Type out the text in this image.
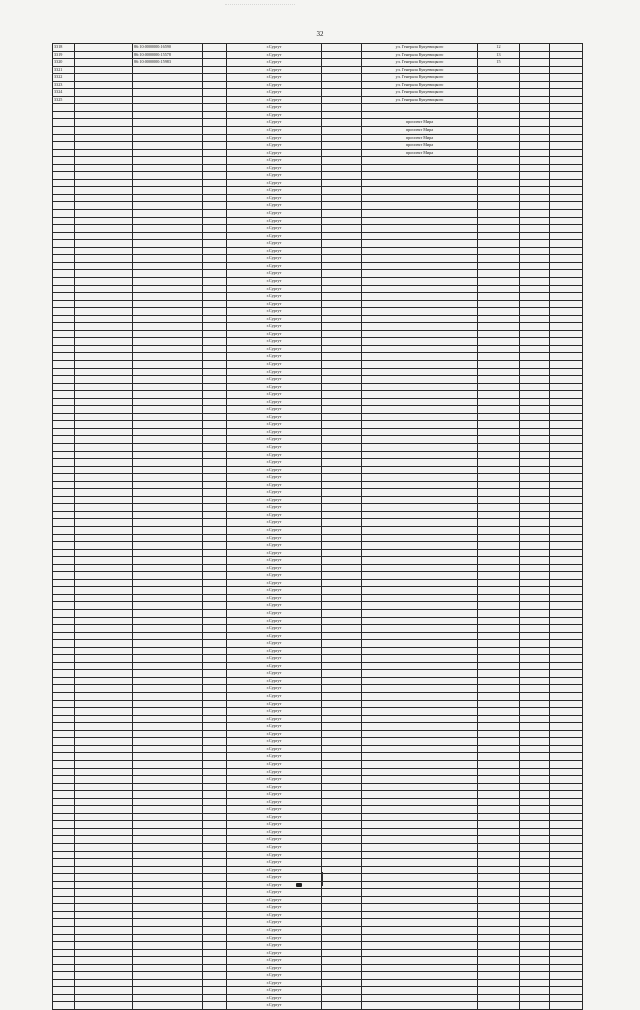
32
3318		86:10:0000000:16590		г.Сургут		ул. Генерала Кукуевицкого	12		
3319		86:10:0000000:15578		г.Сургут		ул. Генерала Кукуевицкого	13		
3320		86:10:0000000:15983		г.Сургут		ул. Генерала Кукуевицкого	15		
3321				г.Сургут		ул. Генерала Кукуевицкого			
3322				г.Сургут		ул. Генерала Кукуевицкого			
3323				г.Сургут		ул. Генерала Кукуевицкого			
3324				г.Сургут		ул. Генерала Кукуевицкого			
3325				г.Сургут		ул. Генерала Кукуевицкого			
				г.Сургут					
				г.Сургут					
				г.Сургут		проспект Мира			
				г.Сургут		проспект Мира			
				г.Сургут		проспект Мира			
				г.Сургут		проспект Мира			
				г.Сургут		проспект Мира			
				г.Сургут					
				г.Сургут					
				г.Сургут					
				г.Сургут					
				г.Сургут					
				г.Сургут					
				г.Сургут					
				г.Сургут					
				г.Сургут					
				г.Сургут					
				г.Сургут					
				г.Сургут					
				г.Сургут					
				г.Сургут					
				г.Сургут					
				г.Сургут					
				г.Сургут					
				г.Сургут					
				г.Сургут					
				г.Сургут					
				г.Сургут					
				г.Сургут					
				г.Сургут					
				г.Сургут					
				г.Сургут					
				г.Сургут					
				г.Сургут					
				г.Сургут					
				г.Сургут					
				г.Сургут					
				г.Сургут					
				г.Сургут					
				г.Сургут					
				г.Сургут					
				г.Сургут					
				г.Сургут					
				г.Сургут					
				г.Сургут					
				г.Сургут					
				г.Сургут					
				г.Сургут					
				г.Сургут					
				г.Сургут					
				г.Сургут					
				г.Сургут					
				г.Сургут					
				г.Сургут					
				г.Сургут					
				г.Сургут					
				г.Сургут					
				г.Сургут					
				г.Сургут					
				г.Сургут					
				г.Сургут					
				г.Сургут					
				г.Сургут					
				г.Сургут					
				г.Сургут					
				г.Сургут					
				г.Сургут					
				г.Сургут					
				г.Сургут					
				г.Сургут					
				г.Сургут					
				г.Сургут					
				г.Сургут					
				г.Сургут					
				г.Сургут					
				г.Сургут					
				г.Сургут					
				г.Сургут					
				г.Сургут					
				г.Сургут					
				г.Сургут					
				г.Сургут					
				г.Сургут					
				г.Сургут					
				г.Сургут					
				г.Сургут					
				г.Сургут					
				г.Сургут					
				г.Сургут					
				г.Сургут					
				г.Сургут					
				г.Сургут					
				г.Сургут					
				г.Сургут					
				г.Сургут					
				г.Сургут					
				г.Сургут					
				г.Сургут					
				г.Сургут					
				г.Сургут					
				г.Сургут					
				г.Сургут					
				г.Сургут					
				г.Сургут					
				г.Сургут					
				г.Сургут					
				г.Сургут					
				г.Сургут					
				г.Сургут					
				г.Сургут					
				г.Сургут					
				г.Сургут					
				г.Сургут					
				г.Сургут					
				г.Сургут					
				г.Сургут					
				г.Сургут					
				г.Сургут					
				г.Сургут					
				г.Сургут					
